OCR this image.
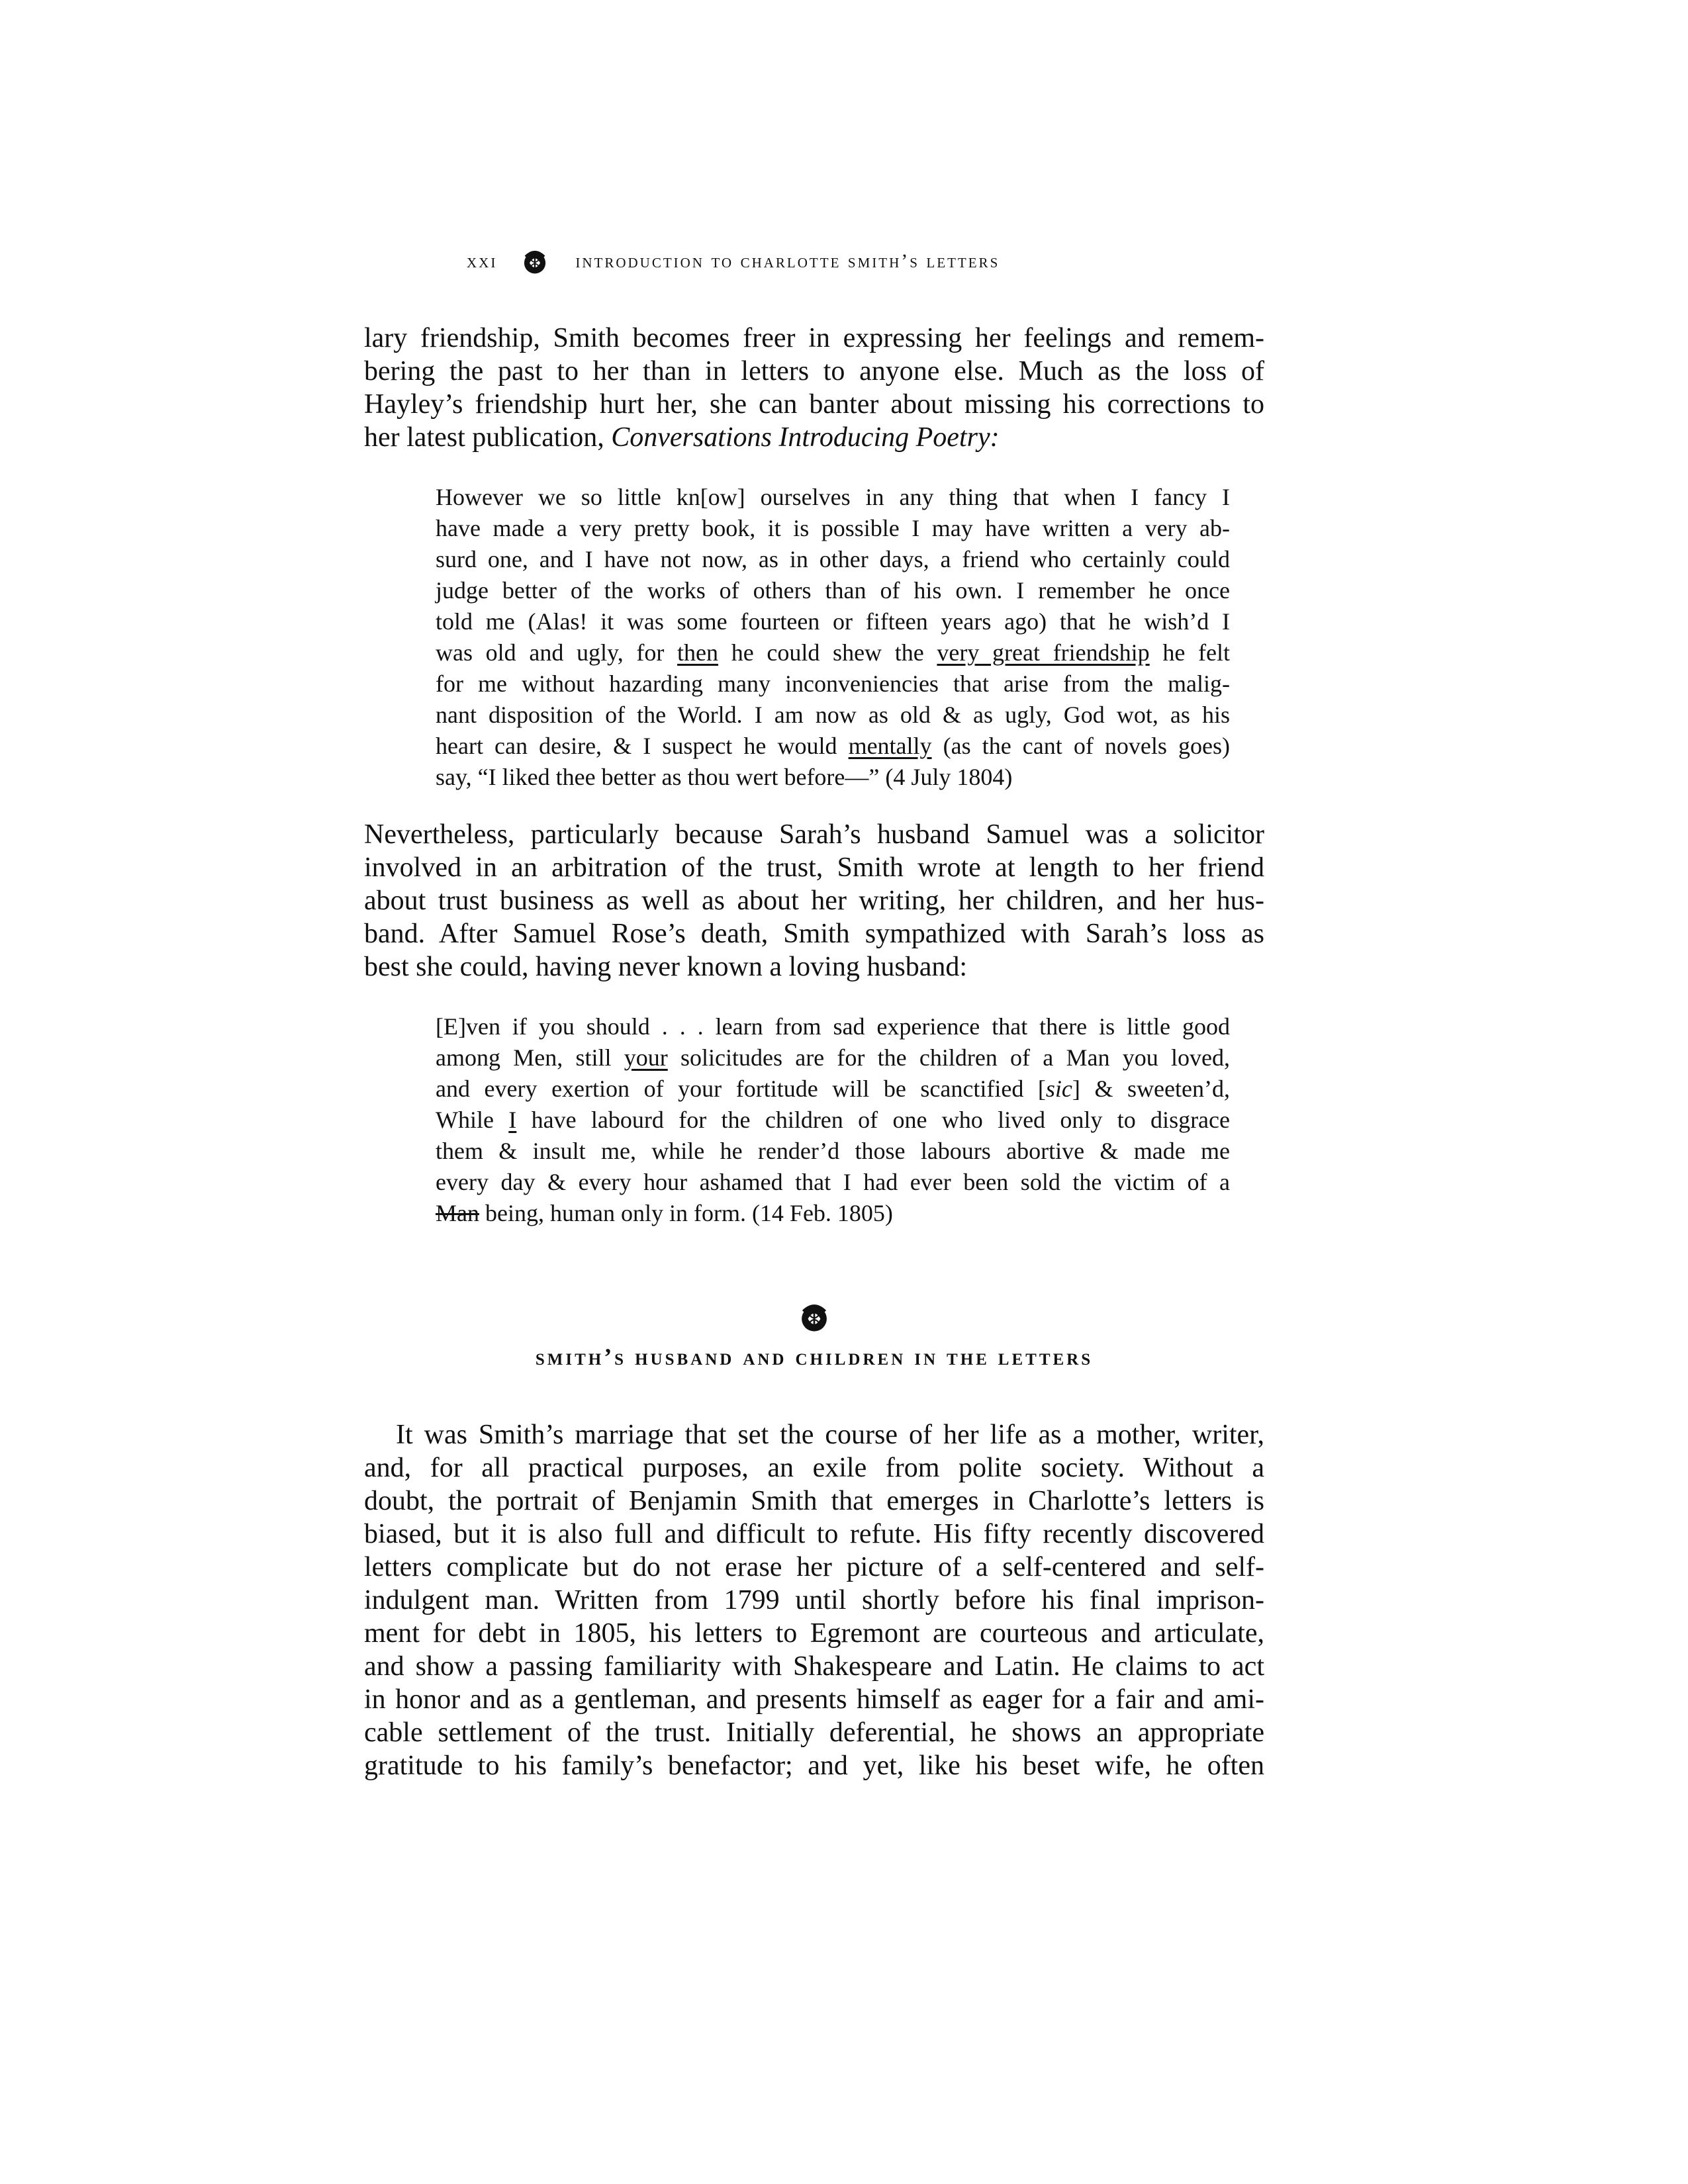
xxi	introduction to charlotte smith’s letters
lary friendship, Smith becomes freer in expressing her feelings and remem-
bering the past to her than in letters to anyone else. Much as the loss of
Hayley’s friendship hurt her, she can banter about missing his corrections to
her latest publication, Conversations Introducing Poetry:
However we so little kn[ow] ourselves in any thing that when I fancy I
have made a very pretty book, it is possible I may have written a very ab-
surd one, and I have not now, as in other days, a friend who certainly could
judge better of the works of others than of his own. I remember he once
told me (Alas! it was some fourteen or fifteen years ago) that he wish’d I
was old and ugly, for then he could shew the very great friendship he felt
for me without hazarding many inconveniencies that arise from the malig-
nant disposition of the World. I am now as old & as ugly, God wot, as his
heart can desire, & I suspect he would mentally (as the cant of novels goes)
say, “I liked thee better as thou wert before—” (4 July 1804)
Nevertheless, particularly because Sarah’s husband Samuel was a solicitor
involved in an arbitration of the trust, Smith wrote at length to her friend
about trust business as well as about her writing, her children, and her hus-
band. After Samuel Rose’s death, Smith sympathized with Sarah’s loss as
best she could, having never known a loving husband:
[E]ven if you should . . . learn from sad experience that there is little good
among Men, still your solicitudes are for the children of a Man you loved,
and every exertion of your fortitude will be scanctified [sic] & sweeten’d,
While I have labourd for the children of one who lived only to disgrace
them & insult me, while he render’d those labours abortive & made me
every day & every hour ashamed that I had ever been sold the victim of a
Man being, human only in form. (14 Feb. 1805)
smith’s husband and children in the letters
It was Smith’s marriage that set the course of her life as a mother, writer,
and, for all practical purposes, an exile from polite society. Without a
doubt, the portrait of Benjamin Smith that emerges in Charlotte’s letters is
biased, but it is also full and difficult to refute. His fifty recently discovered
letters complicate but do not erase her picture of a self-centered and self-
indulgent man. Written from 1799 until shortly before his final imprison-
ment for debt in 1805, his letters to Egremont are courteous and articulate,
and show a passing familiarity with Shakespeare and Latin. He claims to act
in honor and as a gentleman, and presents himself as eager for a fair and ami-
cable settlement of the trust. Initially deferential, he shows an appropriate
gratitude to his family’s benefactor; and yet, like his beset wife, he often
